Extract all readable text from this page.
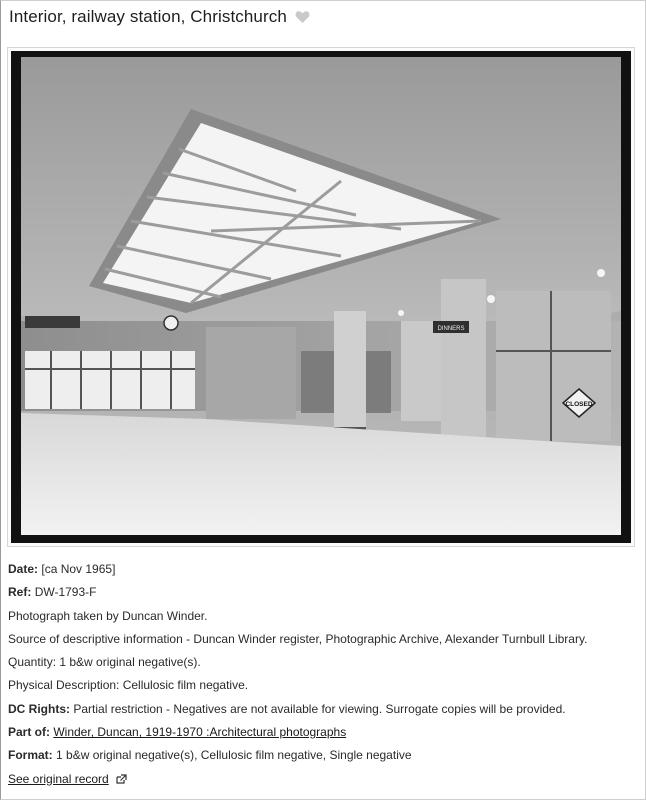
Interior, railway station, Christchurch
DINNERS
CLOSED
Date: [ca Nov 1965]
Ref: DW-1793-F
Photograph taken by Duncan Winder.
Source of descriptive information - Duncan Winder register, Photographic Archive, Alexander Turnbull Library.
Quantity: 1 b&w original negative(s).
Physical Description: Cellulosic film negative.
DC Rights: Partial restriction - Negatives are not available for viewing. Surrogate copies will be provided.
Part of: Winder, Duncan, 1919-1970 :Architectural photographs
Format: 1 b&w original negative(s), Cellulosic film negative, Single negative
See original record
